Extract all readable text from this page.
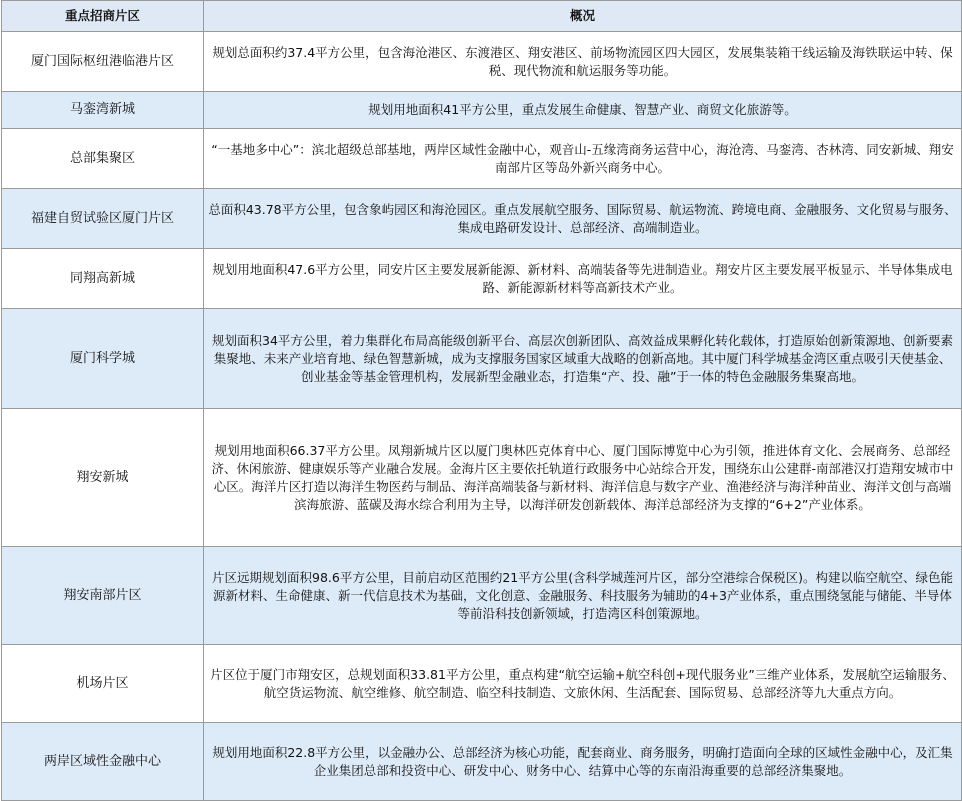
重点招商片区	概况
厦门国际枢纽港临港片区	规划总面积约37.4平方公里，包含海沧港区、东渡港区、翔安港区、前场物流园区四大园区，发展集装箱干线运输及海铁联运中转、保税、现代物流和航运服务等功能。
马銮湾新城	规划用地面积41平方公里，重点发展生命健康、智慧产业、商贸文化旅游等。
总部集聚区	“一基地多中心”：滨北超级总部基地，两岸区域性金融中心，观音山-五缘湾商务运营中心，海沧湾、马銮湾、杏林湾、同安新城、翔安南部片区等岛外新兴商务中心。
福建自贸试验区厦门片区	总面积43.78平方公里，包含象屿园区和海沧园区。重点发展航空服务、国际贸易、航运物流、跨境电商、金融服务、文化贸易与服务、集成电路研发设计、总部经济、高端制造业。
同翔高新城	规划用地面积47.6平方公里，同安片区主要发展新能源、新材料、高端装备等先进制造业。翔安片区主要发展平板显示、半导体集成电路、新能源新材料等高新技术产业。
厦门科学城	规划面积34平方公里，着力集群化布局高能级创新平台、高层次创新团队、高效益成果孵化转化载体，打造原始创新策源地、创新要素集聚地、未来产业培育地、绿色智慧新城，成为支撑服务国家区域重大战略的创新高地。其中厦门科学城基金湾区重点吸引天使基金、创业基金等基金管理机构，发展新型金融业态，打造集“产、投、融”于一体的特色金融服务集聚高地。
翔安新城	规划用地面积66.37平方公里。凤翔新城片区以厦门奥林匹克体育中心、厦门国际博览中心为引领，推进体育文化、会展商务、总部经济、休闲旅游、健康娱乐等产业融合发展。金海片区主要依托轨道行政服务中心站综合开发，围绕东山公建群-南部港汉打造翔安城市中心区。海洋片区打造以海洋生物医药与制品、海洋高端装备与新材料、海洋信息与数字产业、渔港经济与海洋种苗业、海洋文创与高端滨海旅游、蓝碳及海水综合利用为主导，以海洋研发创新载体、海洋总部经济为支撑的“6+2”产业体系。
翔安南部片区	片区远期规划面积98.6平方公里，目前启动区范围约21平方公里(含科学城莲河片区，部分空港综合保税区)。构建以临空航空、绿色能源新材料、生命健康、新一代信息技术为基础，文化创意、金融服务、科技服务为辅助的4+3产业体系，重点围绕氢能与储能、半导体等前沿科技创新领域，打造湾区科创策源地。
机场片区	片区位于厦门市翔安区，总规划面积33.81平方公里，重点构建“航空运输+航空科创+现代服务业”三维产业体系，发展航空运输服务、航空货运物流、航空维修、航空制造、临空科技制造、文旅休闲、生活配套、国际贸易、总部经济等九大重点方向。
两岸区域性金融中心	规划用地面积22.8平方公里，以金融办公、总部经济为核心功能，配套商业、商务服务，明确打造面向全球的区域性金融中心，及汇集企业集团总部和投资中心、研发中心、财务中心、结算中心等的东南沿海重要的总部经济集聚地。
